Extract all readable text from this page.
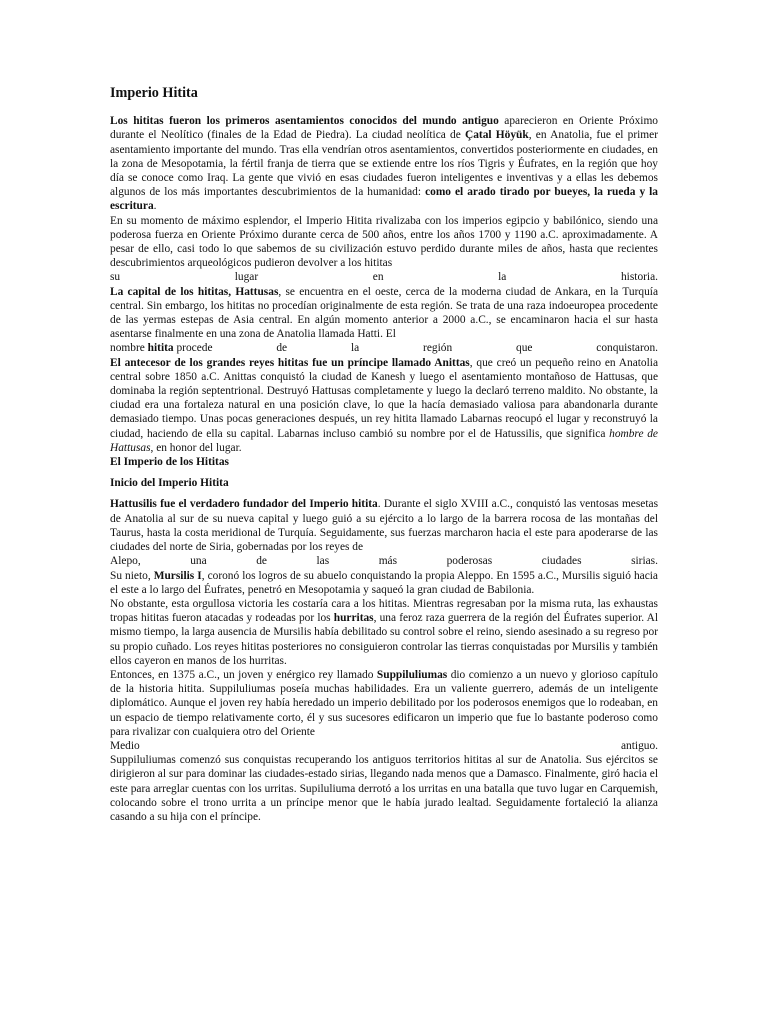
Imperio Hitita

Los hititas fueron los primeros asentamientos conocidos del mundo antiguo aparecieron en Oriente Próximo durante el Neolítico (finales de la Edad de Piedra). La ciudad neolítica de Çatal Höyük, en Anatolia, fue el primer asentamiento importante del mundo. Tras ella vendrían otros asentamientos, convertidos posteriormente en ciudades, en la zona de Mesopotamia, la fértil franja de tierra que se extiende entre los ríos Tigris y Éufrates, en la región que hoy día se conoce como Iraq. La gente que vivió en esas ciudades fueron inteligentes e inventivas y a ellas les debemos algunos de los más importantes descubrimientos de la humanidad: como el arado tirado por bueyes, la rueda y la escritura.

En su momento de máximo esplendor, el Imperio Hitita rivalizaba con los imperios egipcio y babilónico, siendo una poderosa fuerza en Oriente Próximo durante cerca de 500 años, entre los años 1700 y 1190 a.C. aproximadamente. A pesar de ello, casi todo lo que sabemos de su civilización estuvo perdido durante miles de años, hasta que recientes descubrimientos arqueológicos pudieron devolver a los hititas

su	lugar	en	la	historia.

La capital de los hititas, Hattusas, se encuentra en el oeste, cerca de la moderna ciudad de Ankara, en la Turquía central. Sin embargo, los hititas no procedían originalmente de esta región. Se trata de una raza indoeuropea procedente de las yermas estepas de Asia central. En algún momento anterior a 2000 a.C., se encaminaron hacia el sur hasta asentarse finalmente en una zona de Anatolia llamada Hatti. El

nombre hitita procede	de	la	región	que	conquistaron.

El antecesor de los grandes reyes hititas fue un príncipe llamado Anittas, que creó un pequeño reino en Anatolia central sobre 1850 a.C. Anittas conquistó la ciudad de Kanesh y luego el asentamiento montañoso de Hattusas, que dominaba la región septentrional. Destruyó Hattusas completamente y luego la declaró terreno maldito. No obstante, la ciudad era una fortaleza natural en una posición clave, lo que la hacía demasiado valiosa para abandonarla durante demasiado tiempo. Unas pocas generaciones después, un rey hitita llamado Labarnas reocupó el lugar y reconstruyó la ciudad, haciendo de ella su capital. Labarnas incluso cambió su nombre por el de Hatussilis, que significa hombre de Hattusas, en honor del lugar.

El Imperio de los Hititas
Inicio del Imperio Hitita

Hattusilis fue el verdadero fundador del Imperio hitita. Durante el siglo XVIII a.C., conquistó las ventosas mesetas de Anatolia al sur de su nueva capital y luego guió a su ejército a lo largo de la barrera rocosa de las montañas del Taurus, hasta la costa meridional de Turquía. Seguidamente, sus fuerzas marcharon hacia el este para apoderarse de las ciudades del norte de Siria, gobernadas por los reyes de

Alepo,	una	de	las	más	poderosas	ciudades	sirias.

Su nieto, Mursilis I, coronó los logros de su abuelo conquistando la propia Aleppo. En 1595 a.C., Mursilis siguió hacia el este a lo largo del Éufrates, penetró en Mesopotamia y saqueó la gran ciudad de Babilonia.

No obstante, esta orgullosa victoria les costaría cara a los hititas. Mientras regresaban por la misma ruta, las exhaustas tropas hititas fueron atacadas y rodeadas por los hurritas, una feroz raza guerrera de la región del Éufrates superior. Al mismo tiempo, la larga ausencia de Mursilis había debilitado su control sobre el reino, siendo asesinado a su regreso por su propio cuñado. Los reyes hititas posteriores no consiguieron controlar las tierras conquistadas por Mursilis y también ellos cayeron en manos de los hurritas.

Entonces, en 1375 a.C., un joven y enérgico rey llamado Suppiluliumas dio comienzo a un nuevo y glorioso capítulo de la historia hitita. Suppiluliumas poseía muchas habilidades. Era un valiente guerrero, además de un inteligente diplomático. Aunque el joven rey había heredado un imperio debilitado por los poderosos enemigos que lo rodeaban, en un espacio de tiempo relativamente corto, él y sus sucesores edificaron un imperio que fue lo bastante poderoso como para rivalizar con cualquiera otro del Oriente

Medio	antiguo.

Suppiluliumas comenzó sus conquistas recuperando los antiguos territorios hititas al sur de Anatolia. Sus ejércitos se dirigieron al sur para dominar las ciudades-estado sirias, llegando nada menos que a Damasco. Finalmente, giró hacia el este para arreglar cuentas con los urritas. Supiluliuma derrotó a los urritas en una batalla que tuvo lugar en Carquemish, colocando sobre el trono urrita a un príncipe menor que le había jurado lealtad. Seguidamente fortaleció la alianza casando a su hija con el príncipe.
